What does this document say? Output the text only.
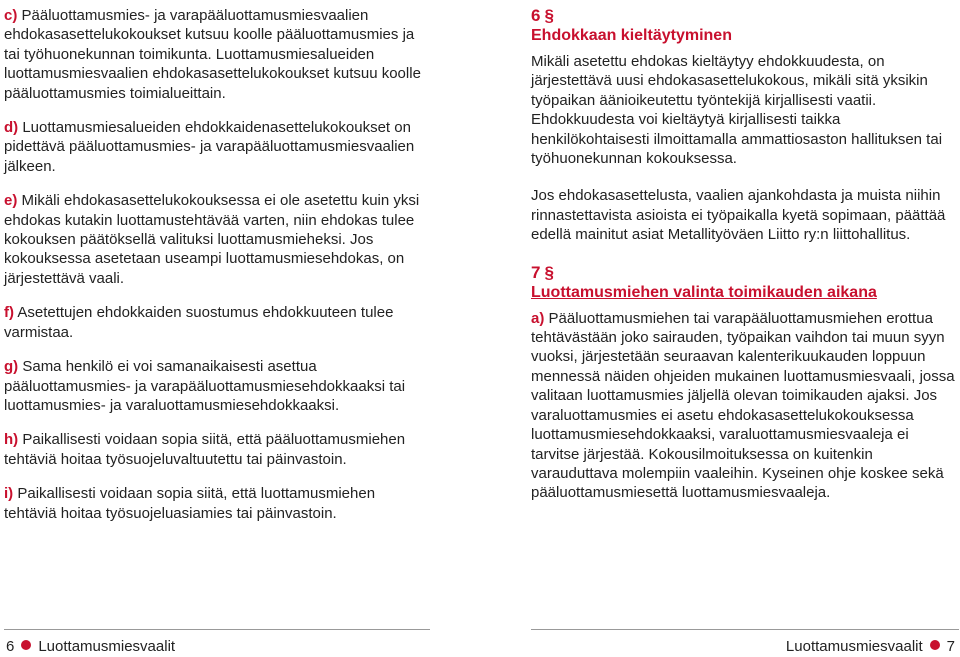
c) Pääluottamusmies- ja varapääluottamusmiesvaalien ehdokasasettelukokoukset kutsuu koolle pääluottamusmies ja tai työhuonekunnan toimikunta. Luottamusmiesalueiden luottamusmiesvaalien ehdokasasettelukokoukset kutsuu koolle pääluottamusmies toimialueittain.

d) Luottamusmiesalueiden ehdokkaidenasettelukokoukset on pidettävä pääluottamusmies- ja varapääluottamusmiesvaalien jälkeen.

e) Mikäli ehdokasasettelukokouksessa ei ole asetettu kuin yksi ehdokas kutakin luottamustehtävää varten, niin ehdokas tulee kokouksen päätöksellä valituksi luottamusmieheksi. Jos kokouksessa asetetaan useampi luottamusmiesehdokas, on järjestettävä vaali.

f) Asetettujen ehdokkaiden suostumus ehdokkuuteen tulee varmistaa.

g) Sama henkilö ei voi samanaikaisesti asettua pääluottamusmies- ja varapääluottamusmiesehdokkaaksi tai luottamusmies- ja varaluottamusmiesehdokkaaksi.

h) Paikallisesti voidaan sopia siitä, että pääluottamusmiehen tehtäviä hoitaa työsuojeluvaltuutettu tai päinvastoin.

i) Paikallisesti voidaan sopia siitä, että luottamusmiehen tehtäviä hoitaa työsuojeluasiamies tai päinvastoin.

6 §
Ehdokkaan kieltäytyminen

Mikäli asetettu ehdokas kieltäytyy ehdokkuudesta, on järjestettävä uusi ehdokasasettelukokous, mikäli sitä yksikin työpaikan äänioikeutettu työntekijä kirjallisesti vaatii. Ehdokkuudesta voi kieltäytyä kirjallisesti taikka henkilökohtaisesti ilmoittamalla ammattiosaston hallituksen tai työhuonekunnan kokouksessa.

Jos ehdokasasettelusta, vaalien ajankohdasta ja muista niihin rinnastettavista asioista ei työpaikalla kyetä sopimaan, päättää edellä mainitut asiat Metallityöväen Liitto ry:n liittohallitus.

7 §
Luottamusmiehen valinta toimikauden aikana

a) Pääluottamusmiehen tai varapääluottamusmiehen erottua tehtävästään joko sairauden, työpaikan vaihdon tai muun syyn vuoksi, järjestetään seuraavan kalenterikuukauden loppuun mennessä näiden ohjeiden mukainen luottamusmiesvaali, jossa valitaan luottamusmies jäljellä olevan toimikauden ajaksi. Jos varaluottamusmies ei asetu ehdokasasettelukokouksessa luottamusmiesehdokkaaksi, varaluottamusmiesvaaleja ei tarvitse järjestää. Kokousilmoituksessa on kuitenkin varauduttava molempiin vaaleihin. Kyseinen ohje koskee sekä pääluottamusmiesettä luottamusmiesvaaleja.

6 Luottamusmiesvaalit	Luottamusmiesvaalit 7
